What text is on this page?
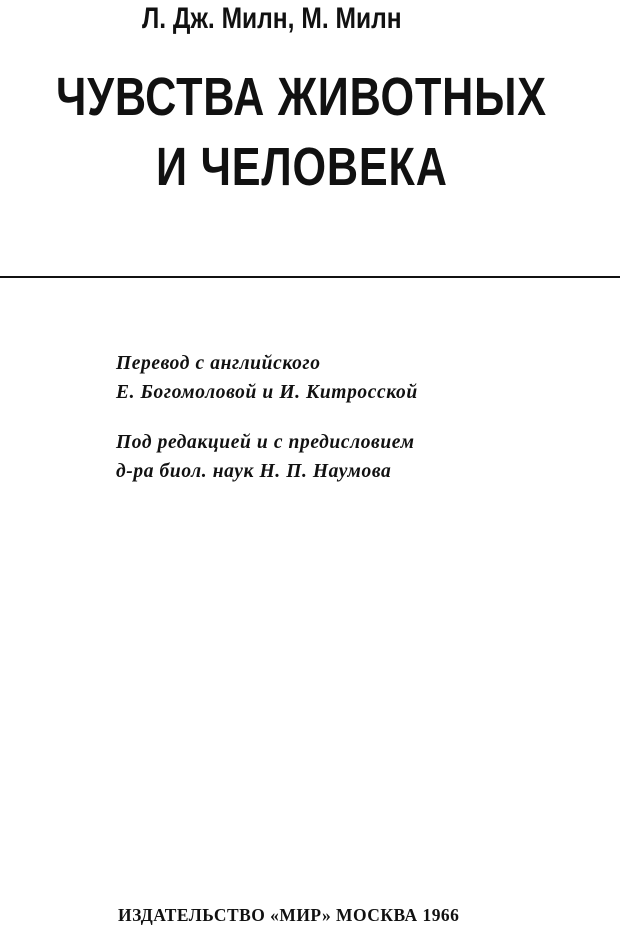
Л. Дж. Милн, М. Милн
ЧУВСТВА ЖИВОТНЫХ
И ЧЕЛОВЕКА
Перевод с английского
Е. Богомоловой и И. Китросской
Под редакцией и с предисловием
д-ра биол. наук Н. П. Наумова
ИЗДАТЕЛЬСТВО «МИР» МОСКВА 1966
